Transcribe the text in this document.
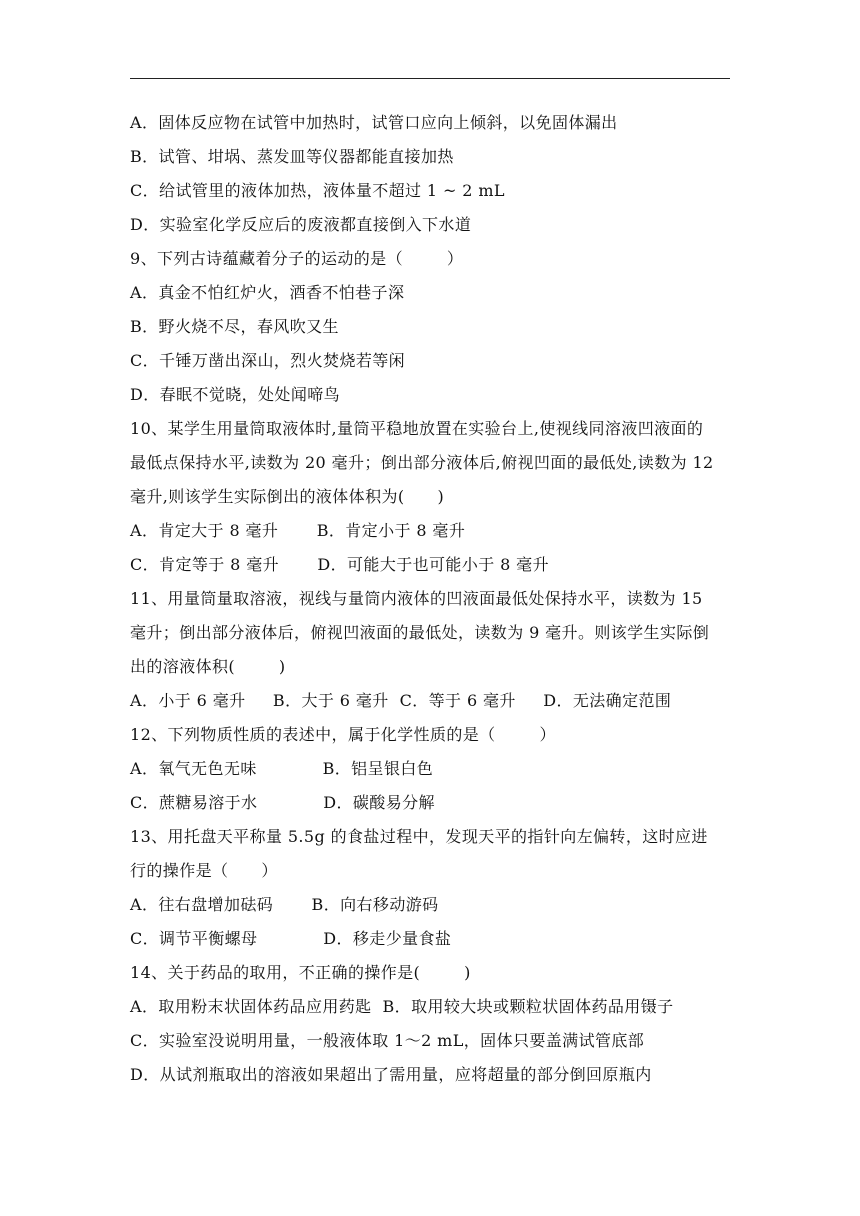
A．固体反应物在试管中加热时，试管口应向上倾斜，以免固体漏出
B．试管、坩埚、蒸发皿等仪器都能直接加热
C．给试管里的液体加热，液体量不超过 1 ~ 2 mL
D．实验室化学反应后的废液都直接倒入下水道
9、下列古诗蕴藏着分子的运动的是（        ）
A．真金不怕红炉火，酒香不怕巷子深
B．野火烧不尽，春风吹又生
C．千锤万凿出深山，烈火焚烧若等闲
D．春眠不觉晓，处处闻啼鸟
10、某学生用量筒取液体时,量筒平稳地放置在实验台上,使视线同溶液凹液面的
最低点保持水平,读数为 20 毫升；倒出部分液体后,俯视凹面的最低处,读数为 12
毫升,则该学生实际倒出的液体体积为(      )
A．肯定大于 8 毫升       B．肯定小于 8 毫升
C．肯定等于 8 毫升       D．可能大于也可能小于 8 毫升
11、用量筒量取溶液，视线与量筒内液体的凹液面最低处保持水平，读数为 15
毫升；倒出部分液体后，俯视凹液面的最低处，读数为 9 毫升。则该学生实际倒
出的溶液体积(        )
A．小于 6 毫升     B．大于 6 毫升  C．等于 6 毫升     D．无法确定范围
12、下列物质性质的表述中，属于化学性质的是（        ）
A．氧气无色无味            B．铝呈银白色
C．蔗糖易溶于水            D．碳酸易分解
13、用托盘天平称量 5.5g 的食盐过程中，发现天平的指针向左偏转，这时应进
行的操作是（      ）
A．往右盘增加砝码       B．向右移动游码
C．调节平衡螺母            D．移走少量食盐
14、关于药品的取用，不正确的操作是(        )
A．取用粉末状固体药品应用药匙  B．取用较大块或颗粒状固体药品用镊子
C．实验室没说明用量，一般液体取 1～2 mL，固体只要盖满试管底部
D．从试剂瓶取出的溶液如果超出了需用量，应将超量的部分倒回原瓶内
